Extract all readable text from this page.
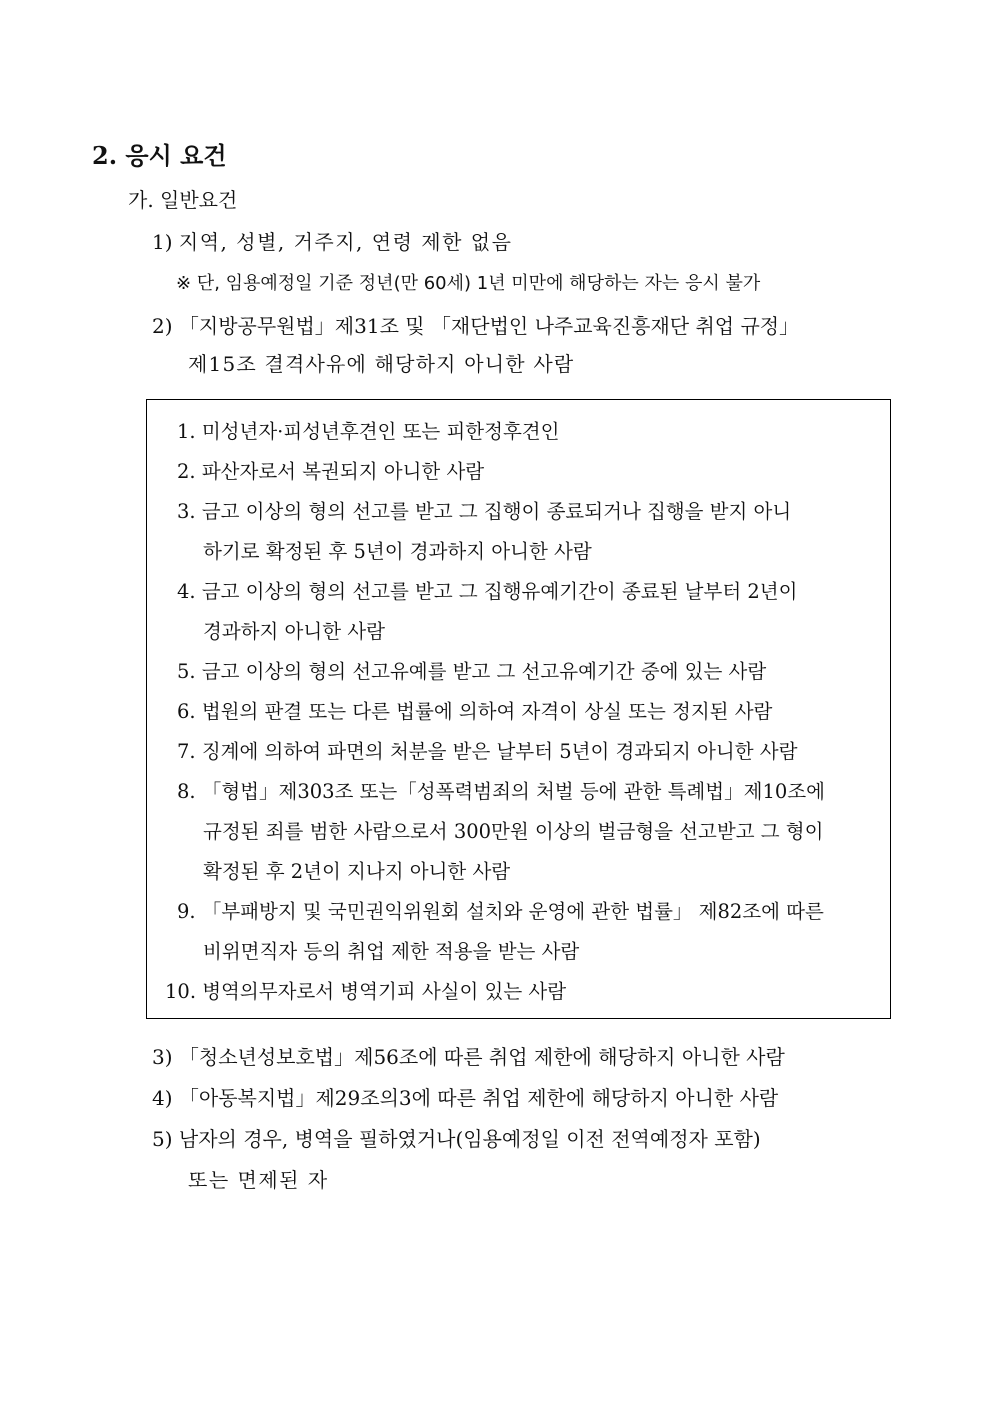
2. 응시 요건
가. 일반요건
1) 지역, 성별, 거주지, 연령 제한 없음
※ 단, 임용예정일 기준 정년(만 60세) 1년 미만에 해당하는 자는 응시 불가
2) 「지방공무원법」제31조 및 「재단법인 나주교육진흥재단 취업 규정」
제15조 결격사유에 해당하지 아니한 사람
1. 미성년자·피성년후견인 또는 피한정후견인
2. 파산자로서 복권되지 아니한 사람
3. 금고 이상의 형의 선고를 받고 그 집행이 종료되거나 집행을 받지 아니
하기로 확정된 후 5년이 경과하지 아니한 사람
4. 금고 이상의 형의 선고를 받고 그 집행유예기간이 종료된 날부터 2년이
경과하지 아니한 사람
5. 금고 이상의 형의 선고유예를 받고 그 선고유예기간 중에 있는 사람
6. 법원의 판결 또는 다른 법률에 의하여 자격이 상실 또는 정지된 사람
7. 징계에 의하여 파면의 처분을 받은 날부터 5년이 경과되지 아니한 사람
8. 「형법」제303조 또는「성폭력범죄의 처벌 등에 관한 특례법」제10조에
규정된 죄를 범한 사람으로서 300만원 이상의 벌금형을 선고받고 그 형이
확정된 후 2년이 지나지 아니한 사람
9. 「부패방지 및 국민권익위원회 설치와 운영에 관한 법률」 제82조에 따른
비위면직자 등의 취업 제한 적용을 받는 사람
10. 병역의무자로서 병역기피 사실이 있는 사람
3) 「청소년성보호법」제56조에 따른 취업 제한에 해당하지 아니한 사람
4) 「아동복지법」제29조의3에 따른 취업 제한에 해당하지 아니한 사람
5) 남자의 경우, 병역을 필하였거나(임용예정일 이전 전역예정자 포함)
또는 면제된 자
